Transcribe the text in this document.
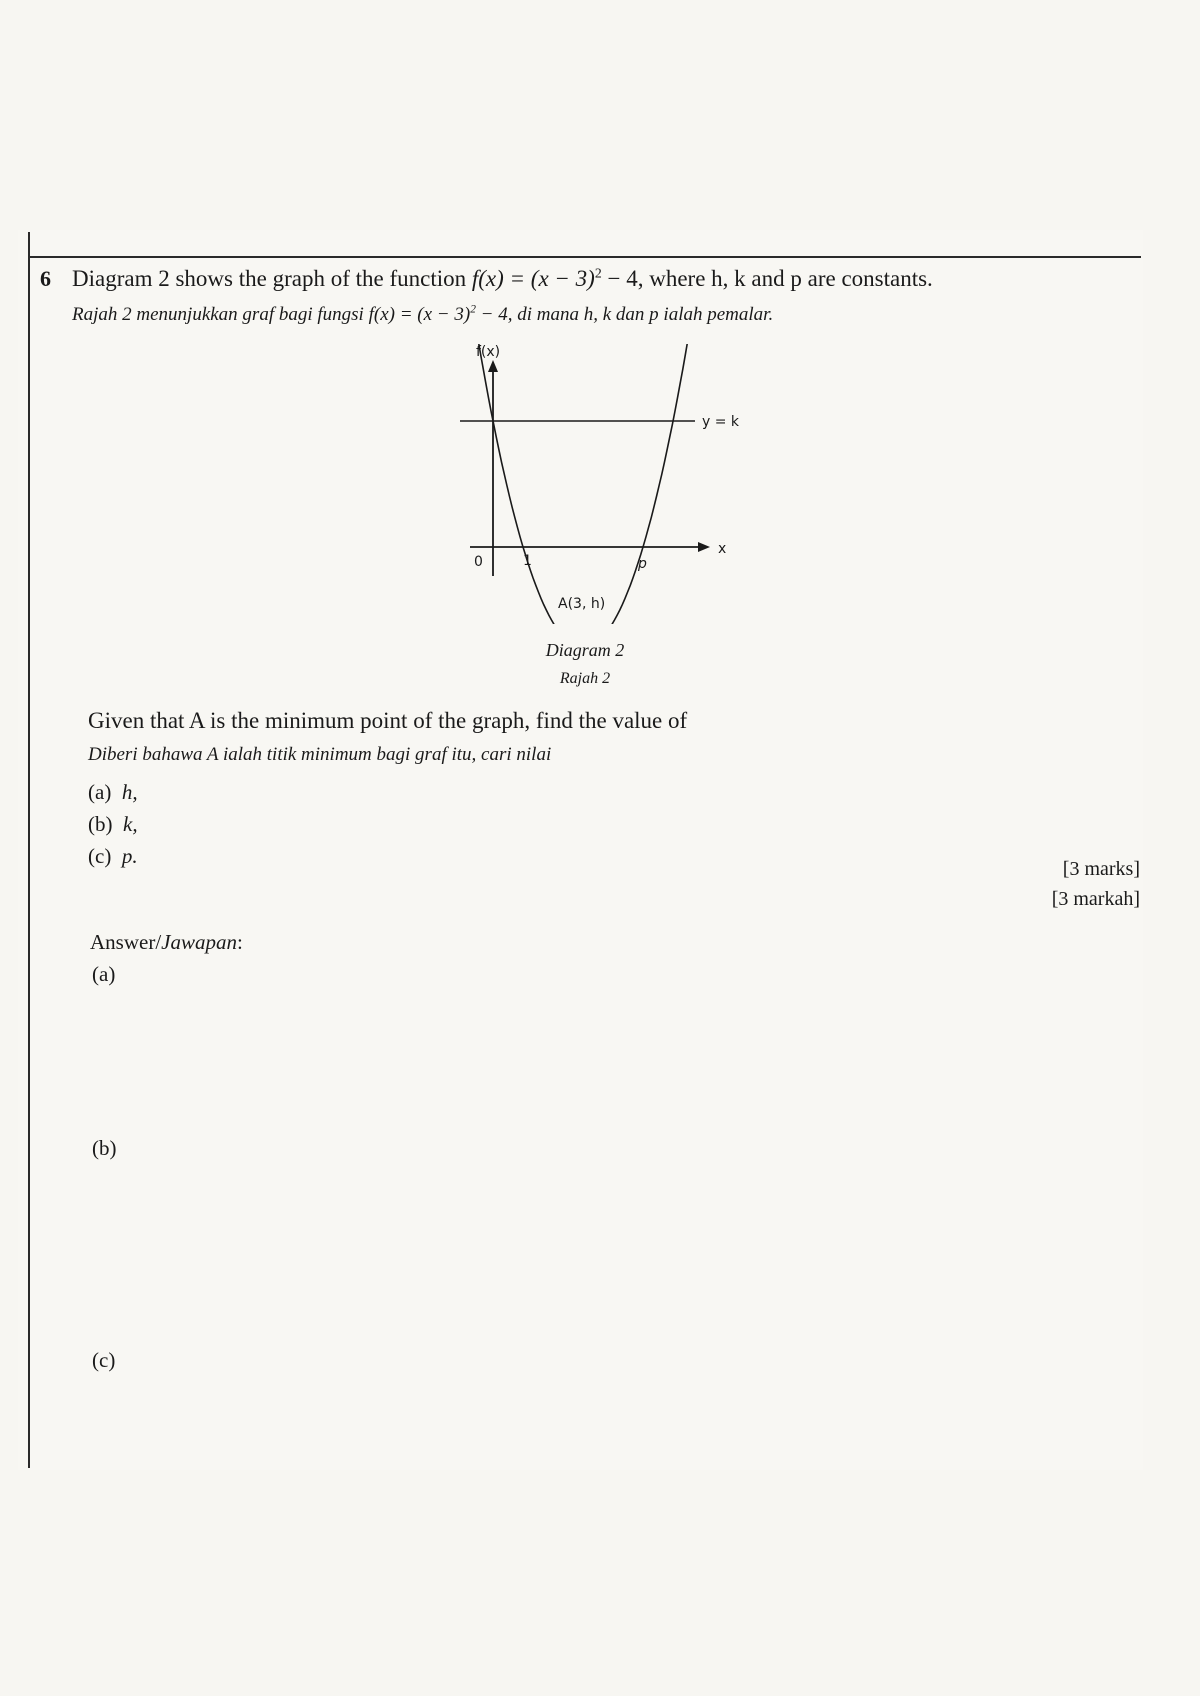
6 Diagram 2 shows the graph of the function $f(x) = (x - 3)^2 - 4$, where h, k and p are constants.
Rajah 2 menunjukkan graf bagi fungsi $f(x) = (x - 3)^2 - 4$, di mana h, k dan p ialah pemalar.
f(x)
x
y = k
0	1	p
A(3, h)
Diagram 2
Rajah 2
Given that A is the minimum point of the graph, find the value of
Diberi bahawa A ialah titik minimum bagi graf itu, cari nilai
(a) h,
(b) k,
(c) p.
[3 marks]
[3 markah]
Answer/Jawapan:
(a)
(b)
(c)
